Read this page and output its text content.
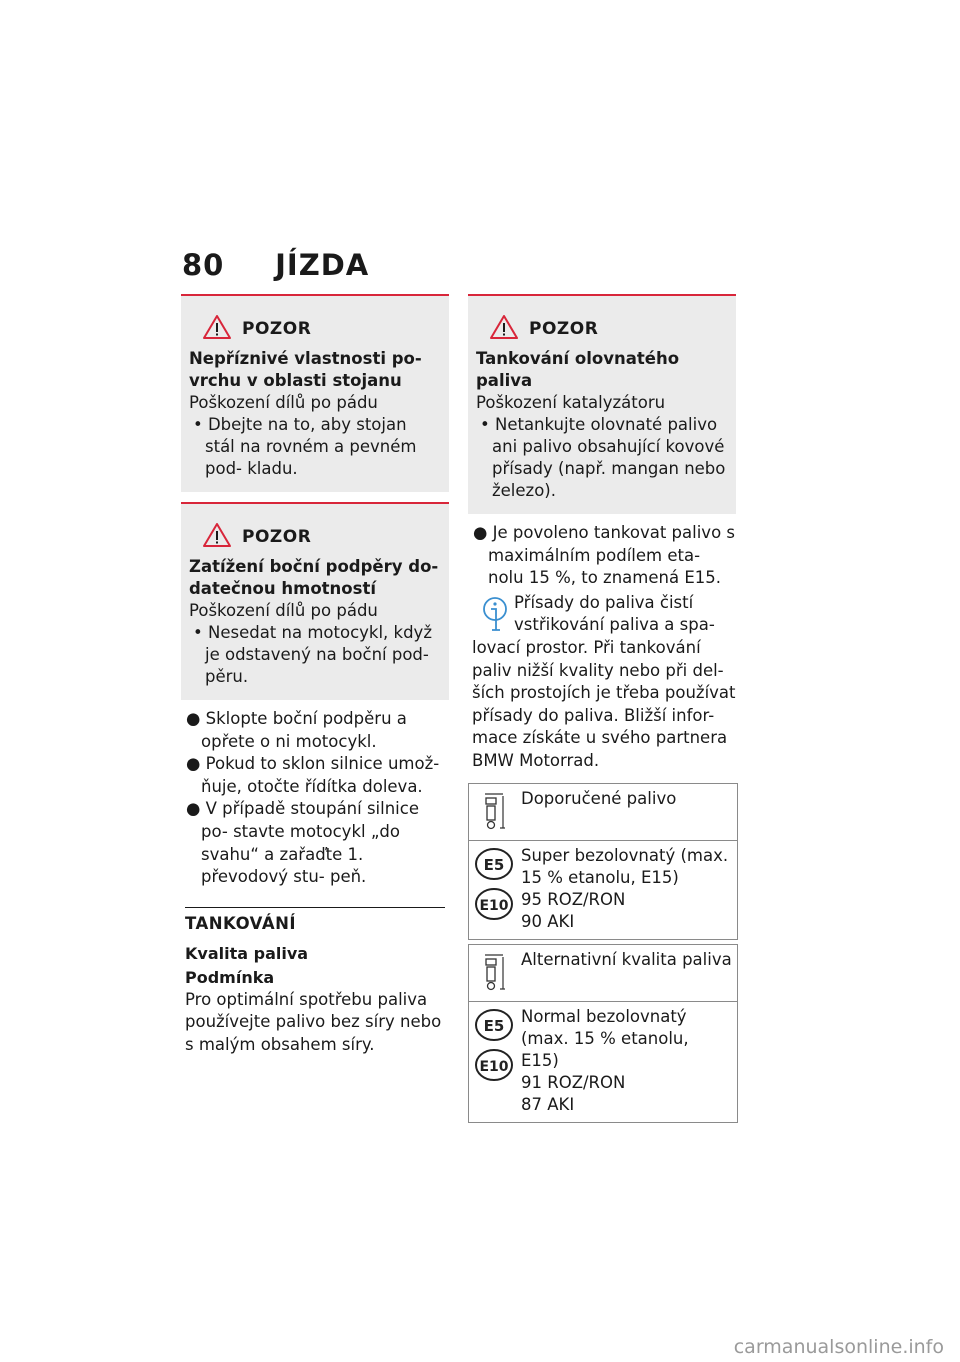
80 JÍZDA
POZOR
Nepříznivé vlastnosti po-
vrchu v oblasti stojanu
Poškození dílů po pádu
• Dbejte na to, aby stojan stál na rovném a pevném pod- kladu.
POZOR
Zatížení boční podpěry do-
datečnou hmotností
Poškození dílů po pádu
• Nesedat na motocykl, když je odstavený na boční pod- pěru.
● Sklopte boční podpěru a opřete o ni motocykl.
● Pokud to sklon silnice umož- ňuje, otočte řídítka doleva.
● V případě stoupání silnice po- stavte motocykl „do svahu“ a zařaďte 1. převodový stu- peň.
TANKOVÁNÍ
Kvalita paliva
Podmínka
Pro optimální spotřebu paliva používejte palivo bez síry nebo s malým obsahem síry.
POZOR
Tankování olovnatého paliva
Poškození katalyzátoru
• Netankujte olovnaté palivo ani palivo obsahující kovové přísady (např. mangan nebo železo).
● Je povoleno tankovat palivo s maximálním podílem eta- nolu 15 %, to znamená E15.
Přísady do paliva čistí vstřikování paliva a spa-
lovací prostor. Při tankování paliv nižší kvality nebo při del- ších prostojích je třeba používat přísady do paliva. Bližší infor- mace získáte u svého partnera BMW Motorrad.
Doporučené palivo
E5
E10
Super bezolovnatý (max.
15 % etanolu, E15)
95 ROZ/RON
90 AKI
Alternativní kvalita paliva
E5
E10
Normal bezolovnatý
(max. 15 % etanolu,
E15)
91 ROZ/RON
87 AKI
carmanualsonline.info
